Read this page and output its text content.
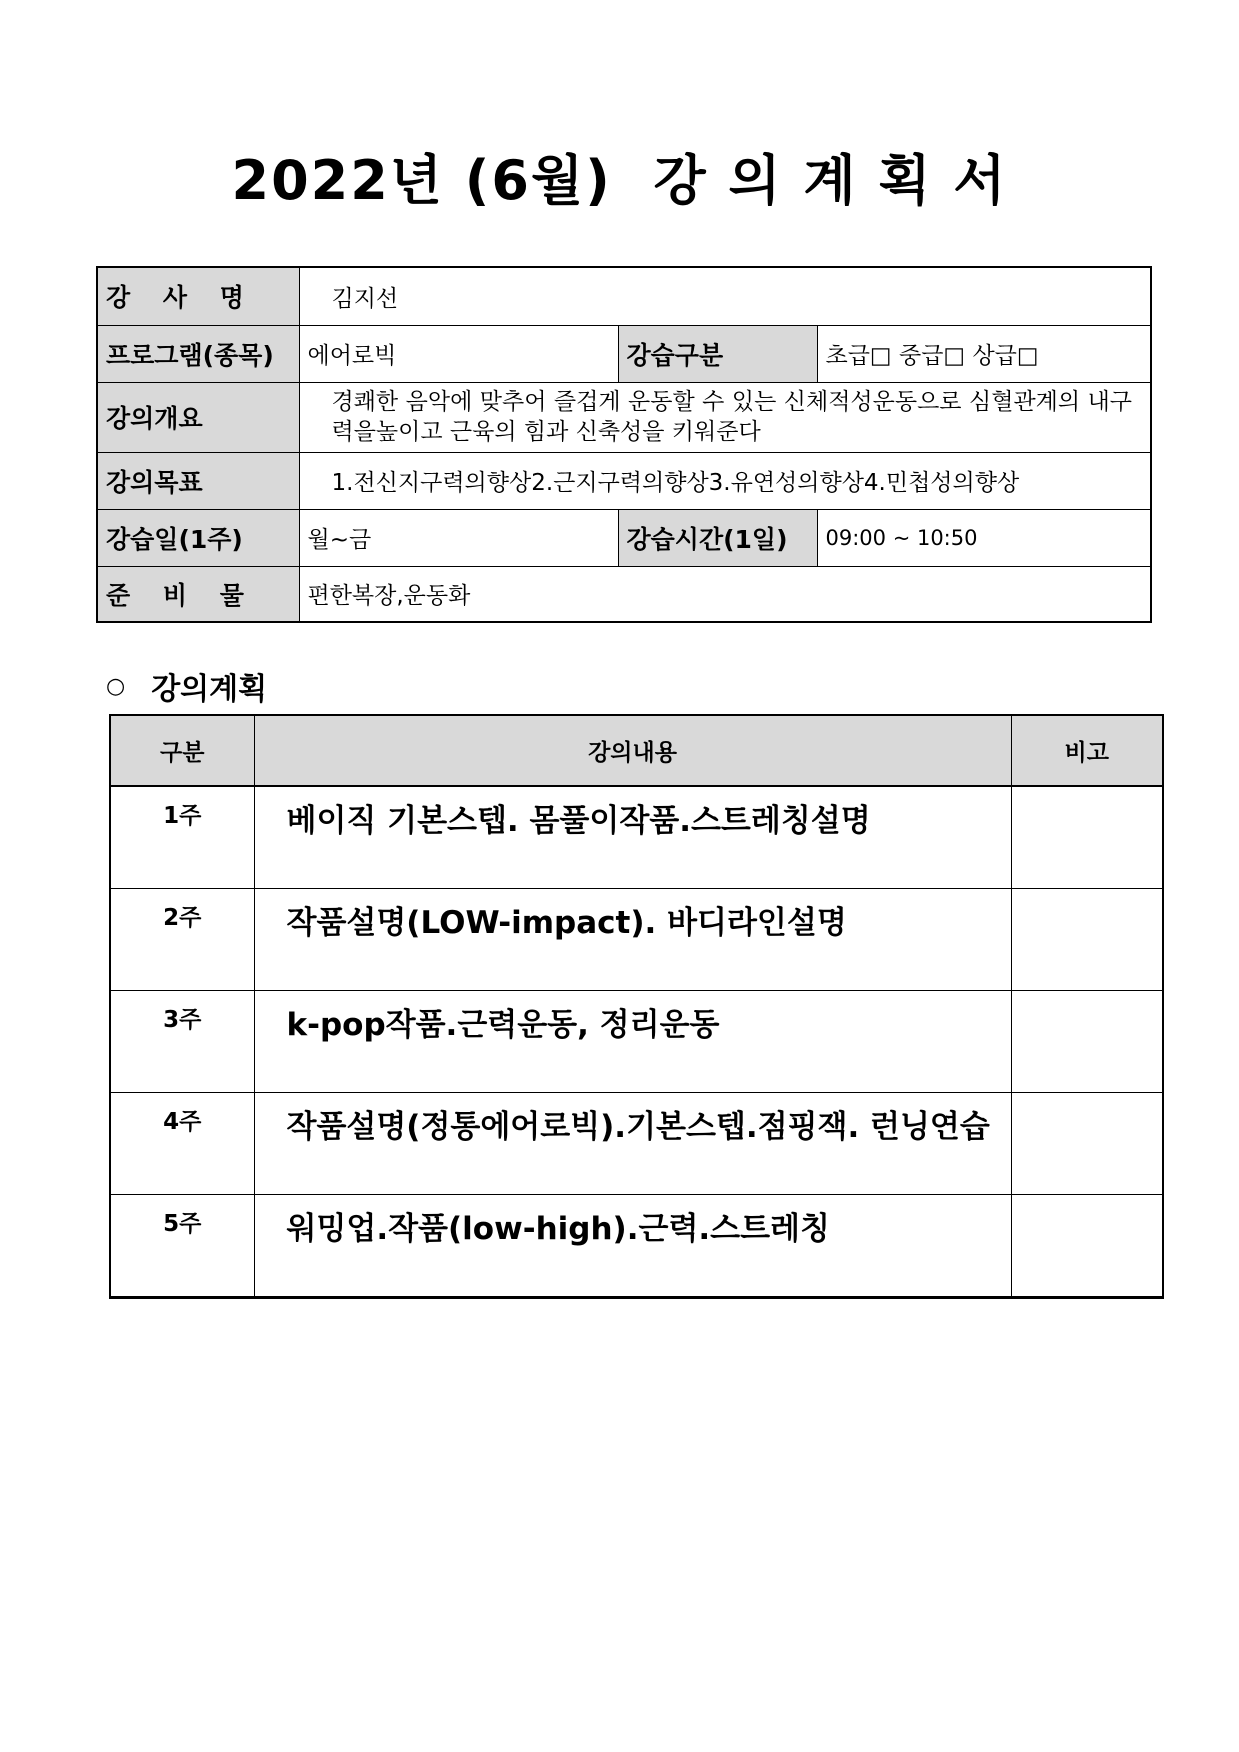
2022년 (6월)  강 의 계 획 서
강 사 명	김지선		
프로그램(종목)	에어로빅	강습구분	초급□ 중급□ 상급□
강의개요	경쾌한 음악에 맞추어 즐겁게 운동할 수 있는 신체적성운동으로 심혈관계의 내구력을높이고 근육의 힘과 신축성을 키워준다		
강의목표	1.전신지구력의향상2.근지구력의향상3.유연성의향상4.민첩성의향상		
강습일(1주)	월~금	강습시간(1일)	09:00 ~ 10:50
준 비 물	편한복장,운동화		
○ 강의계획
구분	강의내용	비고
1주	베이직 기본스텝. 몸풀이작품.스트레칭설명	
2주	작품설명(LOW-impact). 바디라인설명	
3주	k-pop작품.근력운동, 정리운동	
4주	작품설명(정통에어로빅).기본스텝.점핑잭. 런닝연습	
5주	워밍업.작품(low-high).근력.스트레칭	
